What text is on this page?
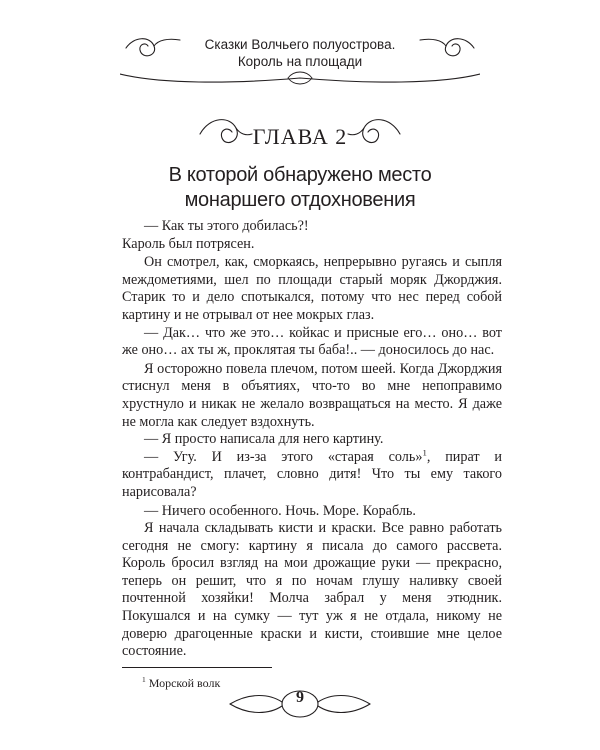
Сказки Волчьего полуострова.
Король на площади
ГЛАВА 2
В которой обнаружено место
монаршего отдохновения

— Как ты этого добилась?!

Кароль был потрясен.

Он смотрел, как, сморкаясь, непрерывно ругаясь и сыпля междометиями, шел по площади старый моряк Джорджия. Старик то и дело спотыкался, потому что нес перед собой картину и не отрывал от нее мокрых глаз.

— Дак… что же это… койкас и присные его… оно… вот же оно… ах ты ж, проклятая ты баба!.. — доносилось до нас.

Я осторожно повела плечом, потом шеей. Когда Джорджия стиснул меня в объятиях, что-то во мне непоправимо хрустнуло и никак не желало возвращаться на место. Я даже не могла как следует вздохнуть.

— Я просто написала для него картину.

— Угу. И из-за этого «старая соль»$^1$, пират и контрабандист, плачет, словно дитя! Что ты ему такого нарисовала?

— Ничего особенного. Ночь. Море. Корабль.

Я начала складывать кисти и краски. Все равно работать сегодня не смогу: картину я писала до самого рассвета. Король бросил взгляд на мои дрожащие руки — прекрасно, теперь он решит, что я по ночам глушу наливку своей почтенной хозяйки! Молча забрал у меня этюдник. Покушался и на сумку — тут уж я не отдала, никому не доверю драгоценные краски и кисти, стоившие мне целое состояние.

$^1$ Морской волк
9
